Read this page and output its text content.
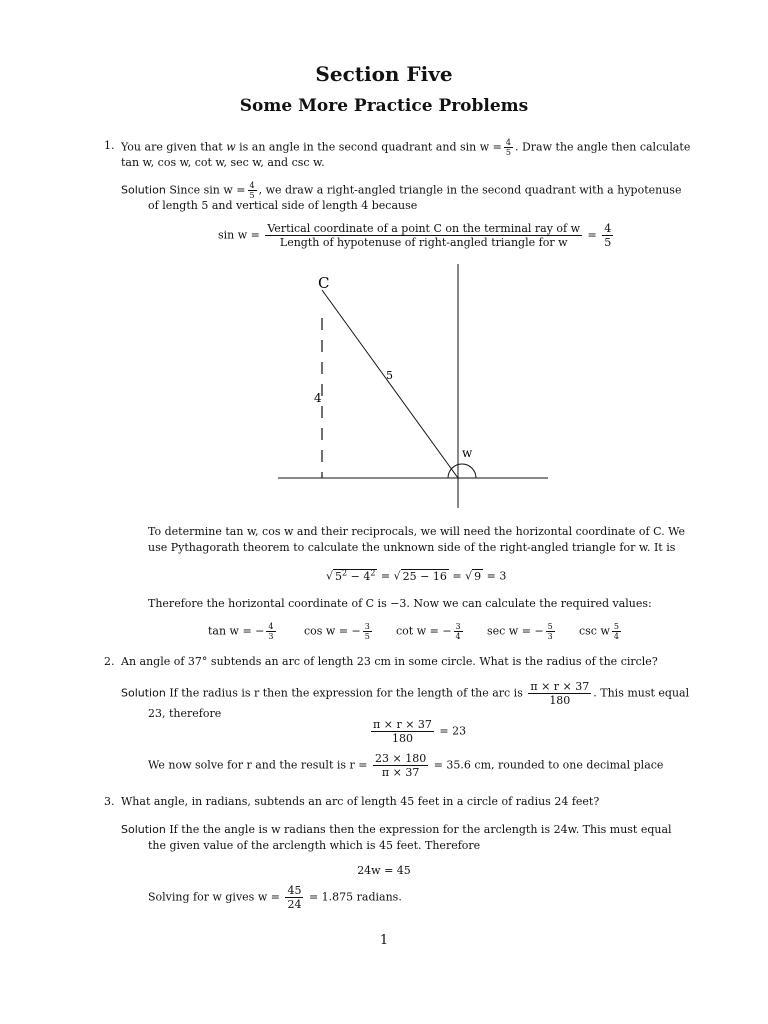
Section Five
Some More Practice Problems
1. You are given that w is an angle in the second quadrant and $\sin w = \frac{4}{5}$ . Draw the angle then calculate
tan w, cos w, cot w, sec w, and csc w.
Solution Since $\sin w = \frac{4}{5}$ , we draw a right-angled triangle in the second quadrant with a hypotenuse
of length 5 and vertical side of length 4 because
$\sin w = \frac{\text{Vertical coordinate of a point C on the terminal ray of w}}{\text{Length of hypotenuse of right-angled triangle for w}} = \frac{4}{5}$
C
5
4
w
To determine tan w, cos w and their reciprocals, we will need the horizontal coordinate of C. We
use Pythagorath theorem to calculate the unknown side of the right-angled triangle for w. It is
√ $5^2 - 4^2$ = √ 25 − 16 = √ 9 = 3
Therefore the horizontal coordinate of C is −3. Now we can calculate the required values:
tan w = − $\frac{4}{3}$	cos w = − $\frac{3}{5}$ cot w = − $\frac{3}{4}$ sec w = − $\frac{5}{3}$ csc w $\frac{5}{4}$
2. An angle of 37° subtends an arc of length 23 cm in some circle. What is the radius of the circle?
Solution If the radius is r then the expression for the length of the arc is $\frac{\pi \times r \times 37}{180}$ . This must equal
23, therefore
$\frac{\pi \times r \times 37}{180} = 23$
We now solve for r and the result is $r = \frac{23 \times 180}{\pi \times 37} = 35.6$ cm, rounded to one decimal place
3. What angle, in radians, subtends an arc of length 45 feet in a circle of radius 24 feet?
Solution If the the angle is w radians then the expression for the arclength is 24w. This must equal
the given value of the arclength which is 45 feet. Therefore
24w = 45
Solving for w gives $w = \frac{45}{24} = 1.875$ radians.
1
